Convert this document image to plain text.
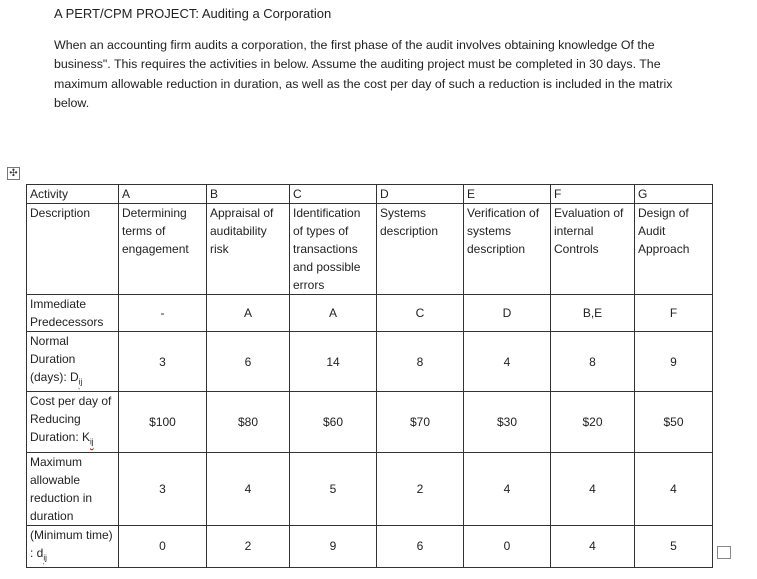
A PERT/CPM PROJECT: Auditing a Corporation
When an accounting firm audits a corporation, the first phase of the audit involves obtaining knowledge Of the business". This requires the activities in below. Assume the auditing project must be completed in 30 days. The maximum allowable reduction in duration, as well as the cost per day of such a reduction is included in the matrix below.
✣
Activity	A	B	C	D	E	F	G
Description	Determining terms of engagement	Appraisal of auditability risk	Identification of types of transactions and possible errors	Systems description	Verification of systems description	Evaluation of internal Controls	Design of Audit Approach
Immediate Predecessors	-	A	A	C	D	B,E	F
Normal Duration (days): $D_{ij}$	3	6	14	8	4	8	9
Cost per day of Reducing Duration: $K_{ij}$	$100	$80	$60	$70	$30	$20	$50
Maximum allowable reduction in duration	3	4	5	2	4	4	4
(Minimum time) : $d_{ij}$	0	2	9	6	0	4	5
